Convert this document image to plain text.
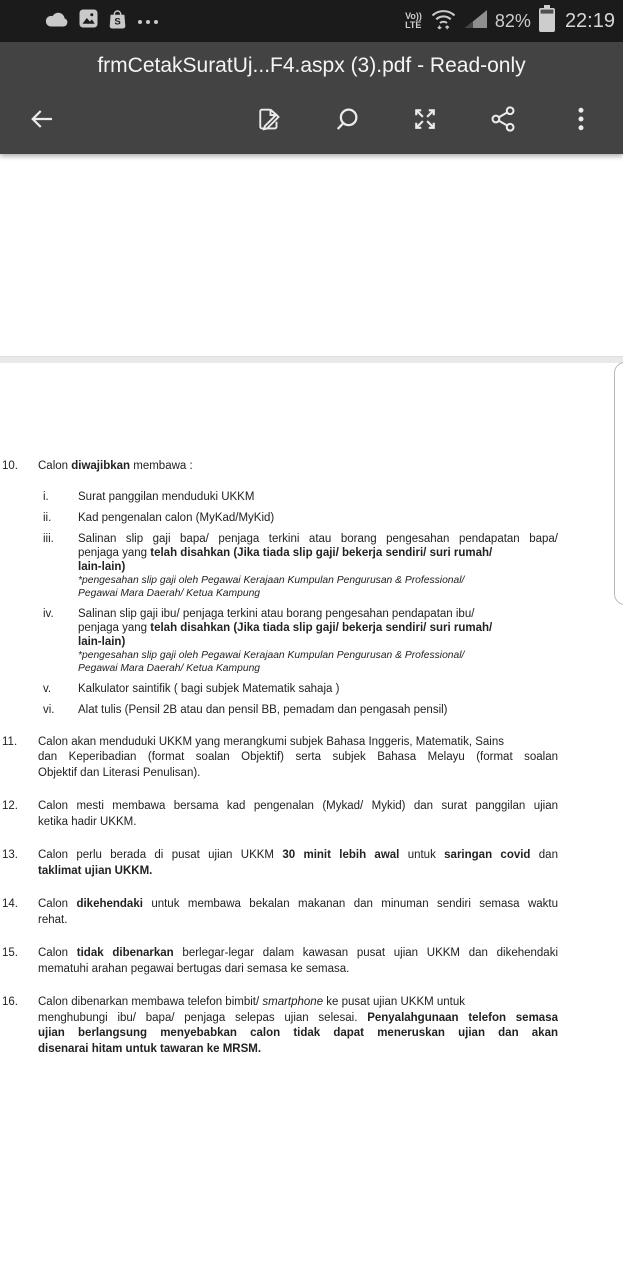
S	Vo))
LTE	82% 22:19
frmCetakSuratUj...F4.aspx (3).pdf - Read-only
10.	Calon diwajibkan membawa :
i.	Surat panggilan menduduki UKKM
ii.	Kad pengenalan calon (MyKad/MyKid)
iii.	Salinan slip gaji bapa/ penjaga terkini atau borang pengesahan pendapatan bapa/
penjaga yang telah disahkan (Jika tiada slip gaji/ bekerja sendiri/ suri rumah/
lain-lain)
*pengesahan slip gaji oleh Pegawai Kerajaan Kumpulan Pengurusan & Professional/
Pegawai Mara Daerah/ Ketua Kampung
iv.	Salinan slip gaji ibu/ penjaga terkini atau borang pengesahan pendapatan ibu/
penjaga yang telah disahkan (Jika tiada slip gaji/ bekerja sendiri/ suri rumah/
lain-lain)
*pengesahan slip gaji oleh Pegawai Kerajaan Kumpulan Pengurusan & Professional/
Pegawai Mara Daerah/ Ketua Kampung
v.	Kalkulator saintifik ( bagi subjek Matematik sahaja )
vi.	Alat tulis (Pensil 2B atau dan pensil BB, pemadam dan pengasah pensil)
11.	Calon akan menduduki UKKM yang merangkumi subjek Bahasa Inggeris, Matematik, Sains
dan Keperibadian (format soalan Objektif) serta subjek Bahasa Melayu (format soalan
Objektif dan Literasi Penulisan).
12.	Calon mesti membawa bersama kad pengenalan (Mykad/ Mykid) dan surat panggilan ujian
ketika hadir UKKM.
13.	Calon perlu berada di pusat ujian UKKM 30 minit lebih awal untuk saringan covid dan
taklimat ujian UKKM.
14.	Calon dikehendaki untuk membawa bekalan makanan dan minuman sendiri semasa waktu
rehat.
15.	Calon tidak dibenarkan berlegar-legar dalam kawasan pusat ujian UKKM dan dikehendaki
mematuhi arahan pegawai bertugas dari semasa ke semasa.
16.	Calon dibenarkan membawa telefon bimbit/ smartphone ke pusat ujian UKKM untuk
menghubungi ibu/ bapa/ penjaga selepas ujian selesai. Penyalahgunaan telefon semasa
ujian berlangsung menyebabkan calon tidak dapat meneruskan ujian dan akan
disenarai hitam untuk tawaran ke MRSM.
